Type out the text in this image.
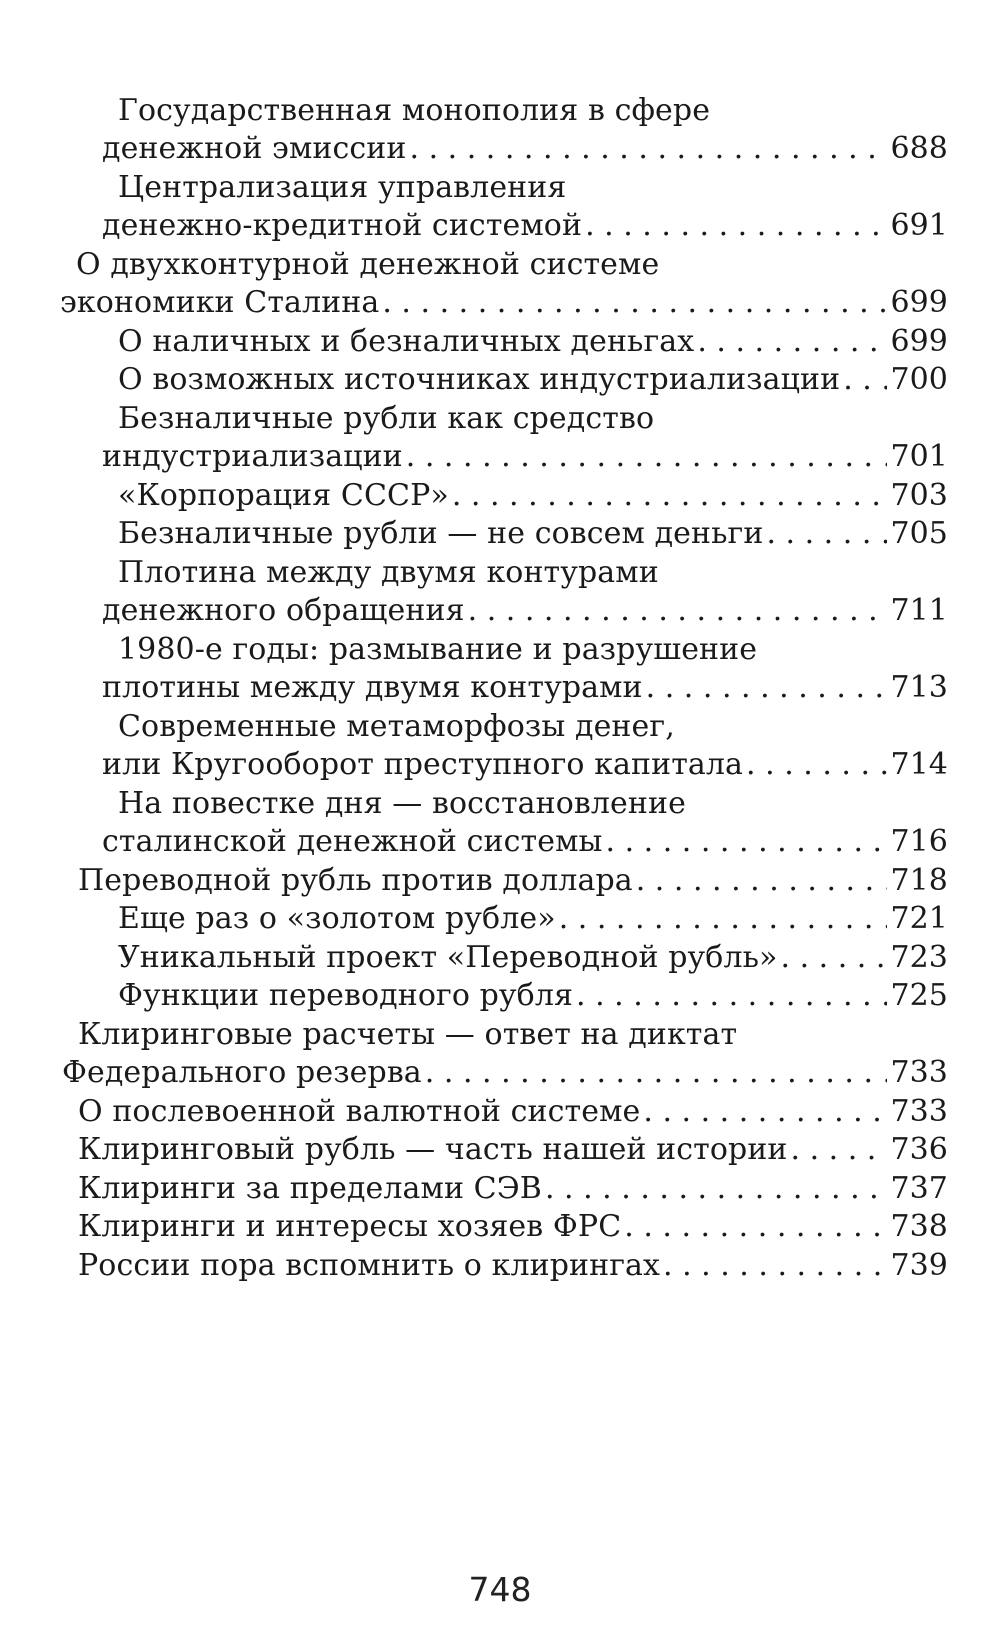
Государственная монополия в сфере
денежной эмиссии . . .	688
Централизация управления
денежно-кредитной системой . . .	691
О двухконтурной денежной системе
экономики Сталина . . .	699
О наличных и безналичных деньгах . . .	699
О возможных источниках индустриализации . . . 700
Безналичные рубли как средство
индустриализации . . .	701
«Корпорация СССР» . . .	703
Безналичные рубли — не совсем деньги . . .	705
Плотина между двумя контурами
денежного обращения . . .	711
1980-е годы: размывание и разрушение
плотины между двумя контурами . . .	713
Современные метаморфозы денег,
или Кругооборот преступного капитала . . .	714
На повестке дня — восстановление
сталинской денежной системы . . .	716
Переводной рубль против доллара . . .	718
Еще раз о «золотом рубле» . . .	721
Уникальный проект «Переводной рубль» . . .	723
Функции переводного рубля . . .	725
Клиринговые расчеты — ответ на диктат
Федерального резерва . . .	733
О послевоенной валютной системе . . .	733
Клиринговый рубль — часть нашей истории . . .	736
Клиринги за пределами СЭВ . . .	737
Клиринги и интересы хозяев ФРС . . .	738
России пора вспомнить о клирингах . . .	739
748
